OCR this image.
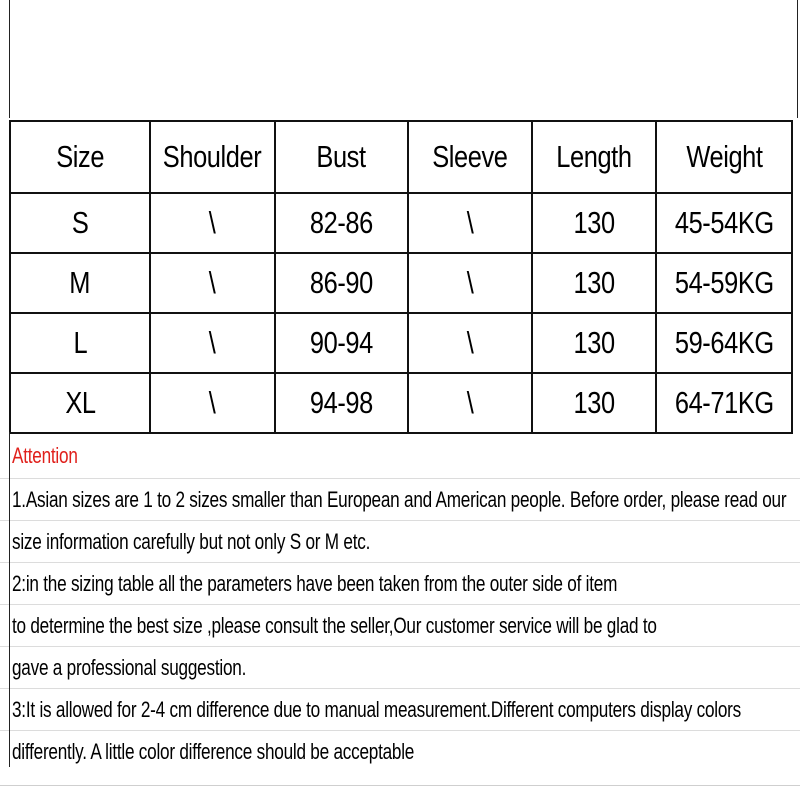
Size	Shoulder	Bust	Sleeve	Length	Weight
S	\	82-86	\	130	45-54KG
M	\	86-90	\	130	54-59KG
L	\	90-94	\	130	59-64KG
XL	\	94-98	\	130	64-71KG
Attention
1.Asian sizes are 1 to 2 sizes smaller than European and American people. Before order, please read our
size information carefully but not only S or M etc.
2:in the sizing table all the parameters have been taken from the outer side of item
to determine the best size ,please consult the seller,Our customer service will be glad to
gave a professional suggestion.
3:It is allowed for 2-4 cm difference due to manual measurement.Different computers display colors
differently. A little color difference should be acceptable
